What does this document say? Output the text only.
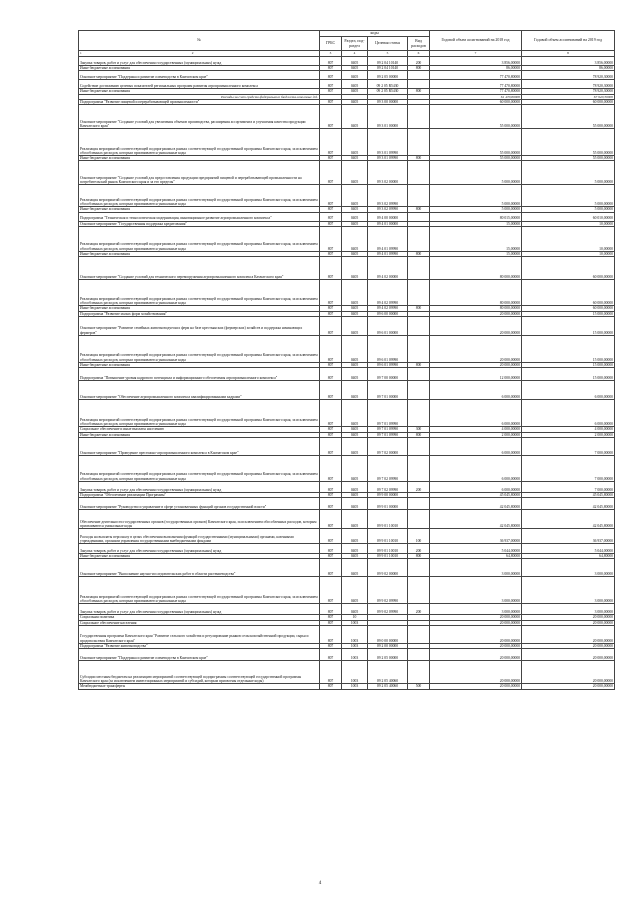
№	коды				Годовой объем ассигнований на 2018 год	Годовой объем ассигнований на 2019 год
	ГРБС	Раздел, под-раздел	Целевая статья	Вид расходов		
1 2	3	4	5	6	7	8
Закупка товаров, работ и услуг для обеспечения государственных (муниципальных) нужд	807	0405	09 2 04 10140	200	3 856,00000	3 856,00000
Иные бюджетные ассигнования	807	0405	09 2 04 10140	800	86,00000	86,00000
Основное мероприятие "Поддержка и развитие оленеводства в Камчатском крае"	807	0405	09 2 05 00000		77 470,80000	78 920,30000
Содействие достижению целевых показателей региональных программ развития агропромышленного комплекса	807	0405	09 2 05 R5430		77 470,80000	78 920,30000
Иные бюджетные ассигнования	807	0405	09 2 05 R5430	800	77 470,80000	78 920,30000
Расходы за счет средств федерального бюджета-итоговые д.б.					61 470,80000	67 920,30000
Подпрограмма "Развитие пищевой и перерабатывающей промышленности"	807	0405	09 3 00 00000		60 000,00000	60 000,00000
Основное мероприятие "Создание условий для увеличения объемов производства, расширения ассортимента и улучшения качества продукции Камчатского края"	807	0405	09 3 01 00000		55 000,00000	55 000,00000
Реализация мероприятий соответствующей подпрограммы в рамках соответствующей государственной программы Камчатского края, за исключением обособленных расходов, которым присваиваются уникальные коды	807	0405	09 3 01 09990		55 000,00000	55 000,00000
Иные бюджетные ассигнования	807	0405	09 3 01 09990	800	55 000,00000	55 000,00000
Основное мероприятие "Создание условий для предоставления продукции предприятий пищевой и перерабатывающей промышленности на потребительский рынок Камчатского края и за его пределы"	807	0405	09 3 02 00000		5 000,00000	5 000,00000
Реализация мероприятий соответствующей подпрограммы в рамках соответствующей государственной программы Камчатского края, за исключением обособленных расходов, которым присваиваются уникальные коды	807	0405	09 3 02 09990		5 000,00000	5 000,00000
Иные бюджетные ассигнования	807	0405	09 3 02 09990	800	5 000,00000	5 000,00000
Подпрограмма "Техническая и технологическая модернизация, инновационное развитие агропромышленного комплекса"	807	0405	09 4 00 00000		80 015,00000	60 010,00000
Основное мероприятие "Государственная поддержка кредитования"	807	0405	09 4 01 00000		15,00000	10,00000
Реализация мероприятий соответствующей подпрограммы в рамках соответствующей государственной программы Камчатского края, за исключением обособленных расходов, которым присваиваются уникальные коды	807	0405	09 4 01 09990		15,00000	10,00000
Иные бюджетные ассигнования	807	0405	09 4 01 09990	800	15,00000	10,00000
Основное мероприятие "Создание условий для технического перевооружения агропромышленного комплекса Камчатского края"	807	0405	09 4 02 00000		80 000,00000	60 000,00000
Реализация мероприятий соответствующей подпрограммы в рамках соответствующей государственной программы Камчатского края, за исключением обособленных расходов, которым присваиваются уникальные коды	807	0405	09 4 02 09990		80 000,00000	60 000,00000
Иные бюджетные ассигнования	807	0405	09 4 02 09990	800	80 000,00000	60 000,00000
Подпрограмма "Развитие малых форм хозяйствования"	807	0405	09 6 00 00000		20 000,00000	15 000,00000
Основное мероприятие "Развитие семейных животноводческих ферм на базе крестьянских (фермерских) хозяйств и поддержка начинающих фермеров"	807	0405	09 6 01 00000		20 000,00000	15 000,00000
Реализация мероприятий соответствующей подпрограммы в рамках соответствующей государственной программы Камчатского края, за исключением обособленных расходов, которым присваиваются уникальные коды	807	0405	09 6 01 09990		20 000,00000	15 000,00000
Иные бюджетные ассигнования	807	0405	09 6 01 09990	800	20 000,00000	15 000,00000
Подпрограмма "Повышение уровня кадрового потенциала и информационного обеспечения агропромышленного комплекса"	807	0405	09 7 00 00000		12 000,00000	15 000,00000
Основное мероприятие "Обеспечение агропромышленного комплекса квалифицированными кадрами"	807	0405	09 7 01 00000		6 000,00000	6 000,00000
Реализация мероприятий соответствующей подпрограммы в рамках соответствующей государственной программы Камчатского края, за исключением обособленных расходов, которым присваиваются уникальные коды	807	0405	09 7 01 09990		6 000,00000	6 000,00000
Социальное обеспечение и иные выплаты населению	807	0405	09 7 01 09990	300	4 000,00000	4 000,00000
Иные бюджетные ассигнования	807	0405	09 7 01 09990	800	2 000,00000	2 000,00000
Основное мероприятие "Проведение престижно-агропромышленного комплекса в Камчатском крае"	807	0405	09 7 02 00000		6 000,00000	7 000,00000
Реализация мероприятий соответствующей подпрограммы в рамках соответствующей государственной программы Камчатского края, за исключением обособленных расходов, которым присваиваются уникальные коды	807	0405	09 7 02 09990		6 000,00000	7 000,00000
Закупка товаров, работ и услуг для обеспечения государственных (муниципальных) нужд	807	0405	09 7 02 09990	200	6 000,00000	7 000,00000
Подпрограмма "Обеспечение реализации Программы"	807	0405	09 9 00 00000		45 045,80000	45 045,80000
Основное мероприятие "Руководство и управление в сфере установленных функций органов государственной власти"	807	0405	09 9 01 00000		42 045,80000	42 045,80000
Обеспечение деятельности государственных органов (государственных органов) Камчатского края, за исключением обособленных расходов, которым присваиваются уникальные коды	807	0405	09 9 01 10010		42 045,80000	42 045,80000
Расходы на выплаты персоналу в целях обеспечения выполнения функций государственными (муниципальными) органами, казенными учреждениями, органами управления государственными внебюджетными фондами	807	0405	09 9 01 10010	100	36 937,00000	36 937,00000
Закупка товаров, работ и услуг для обеспечения государственных (муниципальных) нужд	807	0405	09 9 01 10010	200	5 044,00000	5 044,00000
Иные бюджетные ассигнования	807	0405	09 9 01 10010	800	64,80000	64,80000
Основное мероприятие "Выполнение научно-исследовательских работ в области растениеводства"	807	0405	09 9 02 00000		3 000,00000	3 000,00000
Реализация мероприятий соответствующей подпрограммы в рамках соответствующей государственной программы Камчатского края, за исключением обособленных расходов, которым присваиваются уникальные коды	807	0405	09 9 02 09990		3 000,00000	3 000,00000
Закупка товаров, работ и услуг для обеспечения государственных (муниципальных) нужд	807	0405	09 9 02 09990	200	3 000,00000	3 000,00000
Социальная политика	807	10			20 000,00000	20 000,00000
Социальное обеспечение населения	807	1003			20 000,00000	20 000,00000
Государственная программа Камчатского края "Развитие сельского хозяйства и регулирование рынков сельскохозяйственной продукции, сырья и продовольствия Камчатского края"	807	1003	09 0 00 00000		20 000,00000	20 000,00000
Подпрограмма "Развитие животноводства"	807	1003	09 2 00 00000		20 000,00000	20 000,00000
Основное мероприятие "Поддержка и развитие оленеводства в Камчатском крае"	807	1003	09 2 05 00000		20 000,00000	20 000,00000
Субсидии местным бюджетам на реализацию мероприятий соответствующей подпрограммы соответствующей государственной программы Камчатского края (за исключением инвестиционных мероприятий и субсидий, которым присвоены отдельные коды)	807	1003	09 2 05 40060		20 000,00000	20 000,00000
Межбюджетные трансферты	807	1003	09 2 05 40060	500	20 000,00000	20 000,00000
4
